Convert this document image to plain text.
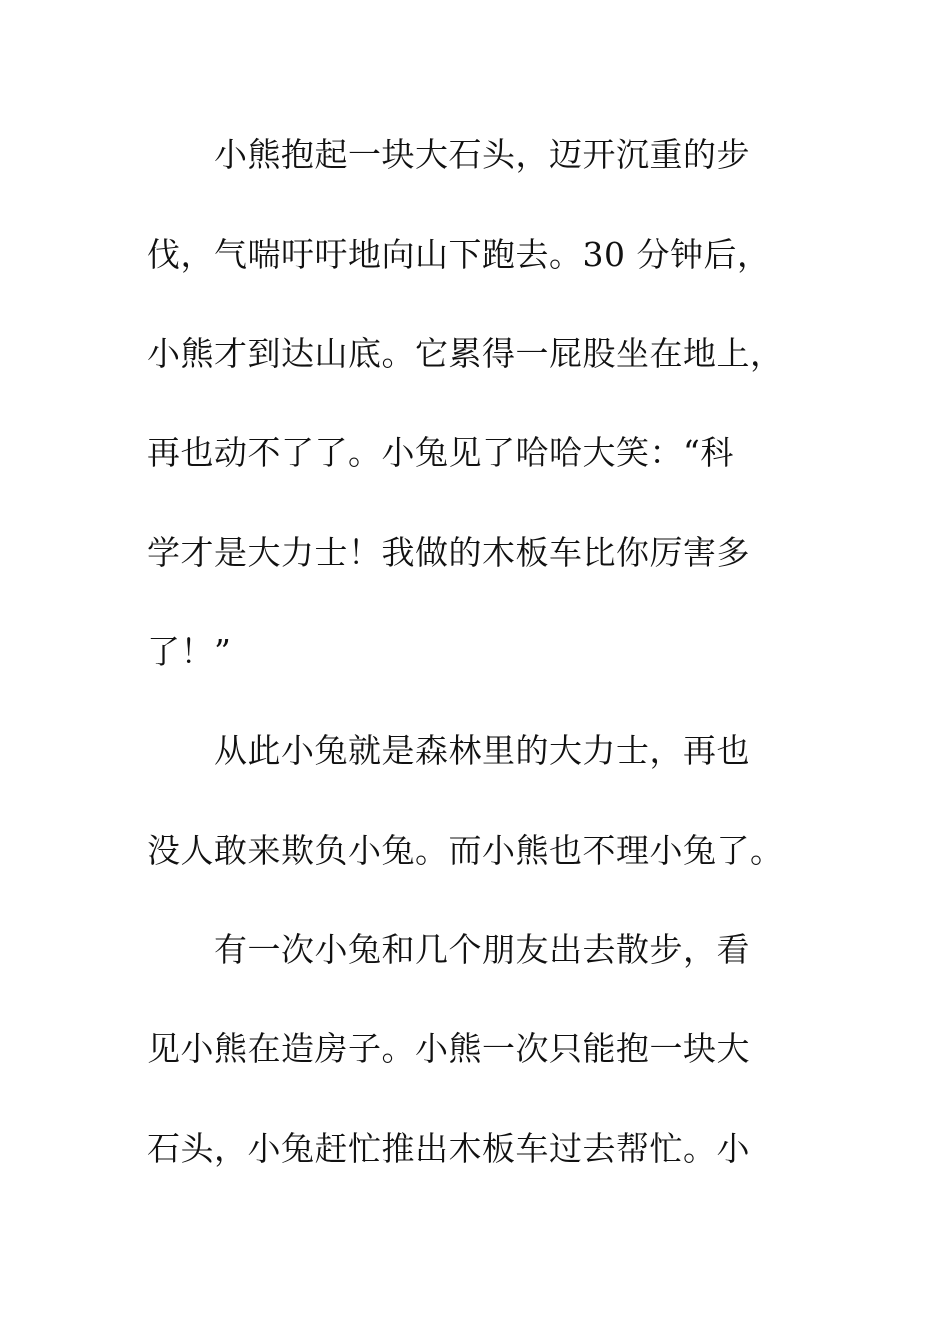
小熊抱起一块大石头，迈开沉重的步
伐，气喘吁吁地向山下跑去。30 分钟后，
小熊才到达山底。它累得一屁股坐在地上，
再也动不了了。小兔见了哈哈大笑：“科
学才是大力士！我做的木板车比你厉害多
了！”
从此小兔就是森林里的大力士，再也
没人敢来欺负小兔。而小熊也不理小兔了。
有一次小兔和几个朋友出去散步，看
见小熊在造房子。小熊一次只能抱一块大
石头，小兔赶忙推出木板车过去帮忙。小
